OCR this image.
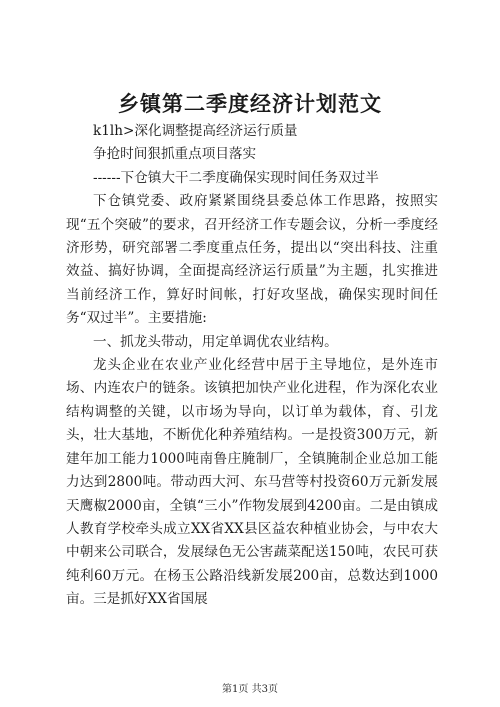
乡镇第二季度经济计划范文

k1lh>深化调整提高经济运行质量

争抢时间狠抓重点项目落实

------下仓镇大干二季度确保实现时间任务双过半

下仓镇党委、政府紧紧围绕县委总体工作思路，按照实现“五个突破”的要求，召开经济工作专题会议，分析一季度经济形势，研究部署二季度重点任务，提出以“突出科技、注重效益、搞好协调，全面提高经济运行质量”为主题，扎实推进当前经济工作，算好时间帐，打好攻坚战，确保实现时间任务“双过半”。主要措施:

一、抓龙头带动，用定单调优农业结构。

龙头企业在农业产业化经营中居于主导地位，是外连市场、内连农户的链条。该镇把加快产业化进程，作为深化农业结构调整的关键，以市场为导向，以订单为载体，育、引龙头，壮大基地，不断优化种养殖结构。一是投资300万元，新建年加工能力1000吨南鲁庄腌制厂，全镇腌制企业总加工能力达到2800吨。带动西大河、东马营等村投资60万元新发展天鹰椒2000亩，全镇“三小”作物发展到4200亩。二是由镇成人教育学校牵头成立XX省XX县区益农种植业协会，与中农大中朝来公司联合，发展绿色无公害蔬菜配送150吨，农民可获纯利60万元。在杨玉公路沿线新发展200亩，总数达到1000亩。三是抓好XX省国展

第1页 共3页
